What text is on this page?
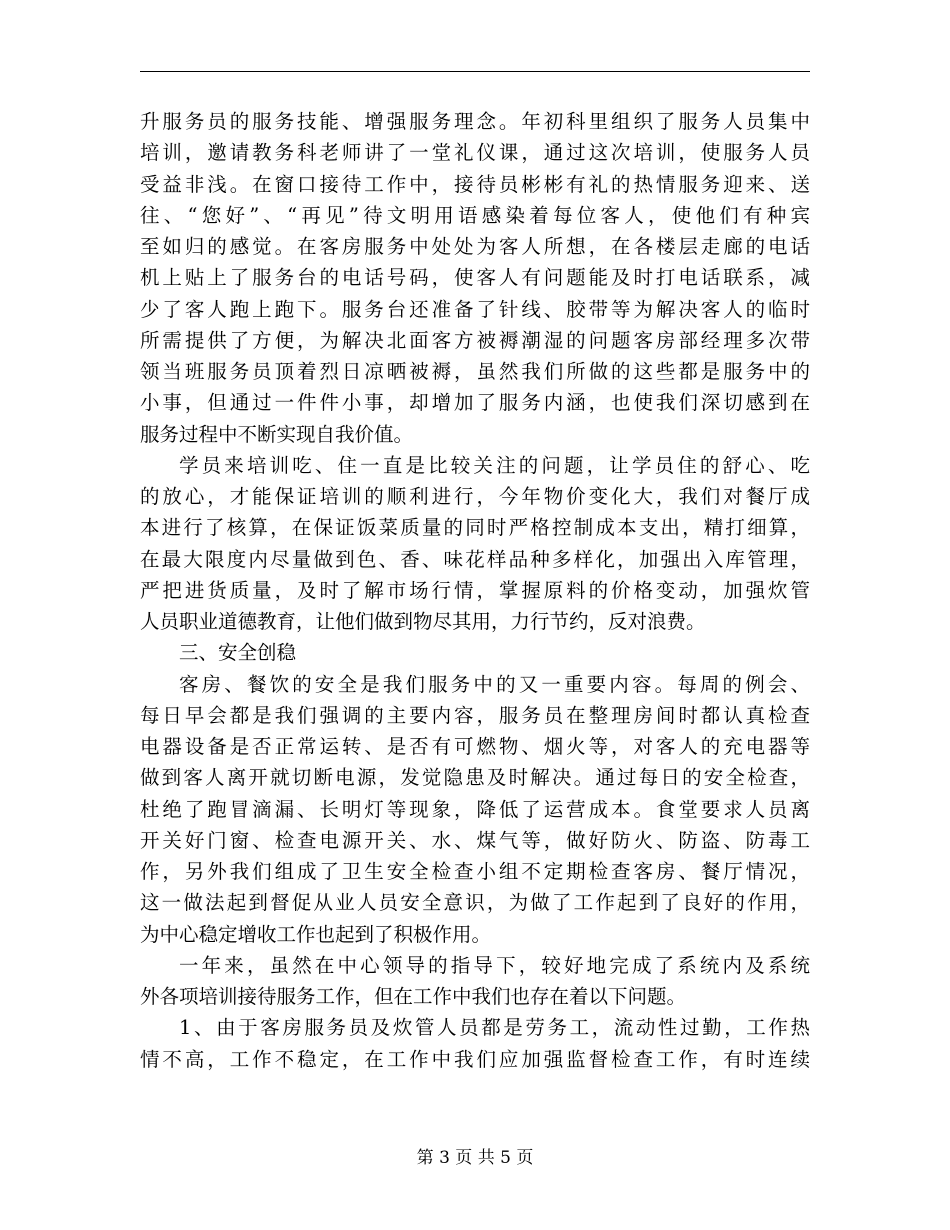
升服务员的服务技能、增强服务理念。年初科里组织了服务人员集中
培训，邀请教务科老师讲了一堂礼仪课，通过这次培训，使服务人员
受益非浅。在窗口接待工作中，接待员彬彬有礼的热情服务迎来、送
往、“您好”、“再见”待文明用语感染着每位客人，使他们有种宾
至如归的感觉。在客房服务中处处为客人所想，在各楼层走廊的电话
机上贴上了服务台的电话号码，使客人有问题能及时打电话联系，减
少了客人跑上跑下。服务台还准备了针线、胶带等为解决客人的临时
所需提供了方便，为解决北面客方被褥潮湿的问题客房部经理多次带
领当班服务员顶着烈日凉晒被褥，虽然我们所做的这些都是服务中的
小事，但通过一件件小事，却增加了服务内涵，也使我们深切感到在
服务过程中不断实现自我价值。
学员来培训吃、住一直是比较关注的问题，让学员住的舒心、吃
的放心，才能保证培训的顺利进行，今年物价变化大，我们对餐厅成
本进行了核算，在保证饭菜质量的同时严格控制成本支出，精打细算，
在最大限度内尽量做到色、香、味花样品种多样化，加强出入库管理，
严把进货质量，及时了解市场行情，掌握原料的价格变动，加强炊管
人员职业道德教育，让他们做到物尽其用，力行节约，反对浪费。
三、安全创稳
客房、餐饮的安全是我们服务中的又一重要内容。每周的例会、
每日早会都是我们强调的主要内容，服务员在整理房间时都认真检查
电器设备是否正常运转、是否有可燃物、烟火等，对客人的充电器等
做到客人离开就切断电源，发觉隐患及时解决。通过每日的安全检查，
杜绝了跑冒滴漏、长明灯等现象，降低了运营成本。食堂要求人员离
开关好门窗、检查电源开关、水、煤气等，做好防火、防盗、防毒工
作，另外我们组成了卫生安全检查小组不定期检查客房、餐厅情况，
这一做法起到督促从业人员安全意识，为做了工作起到了良好的作用，
为中心稳定增收工作也起到了积极作用。
一年来，虽然在中心领导的指导下，较好地完成了系统内及系统
外各项培训接待服务工作，但在工作中我们也存在着以下问题。
1、由于客房服务员及炊管人员都是劳务工，流动性过勤，工作热
情不高，工作不稳定，在工作中我们应加强监督检查工作，有时连续
第 3 页 共 5 页
